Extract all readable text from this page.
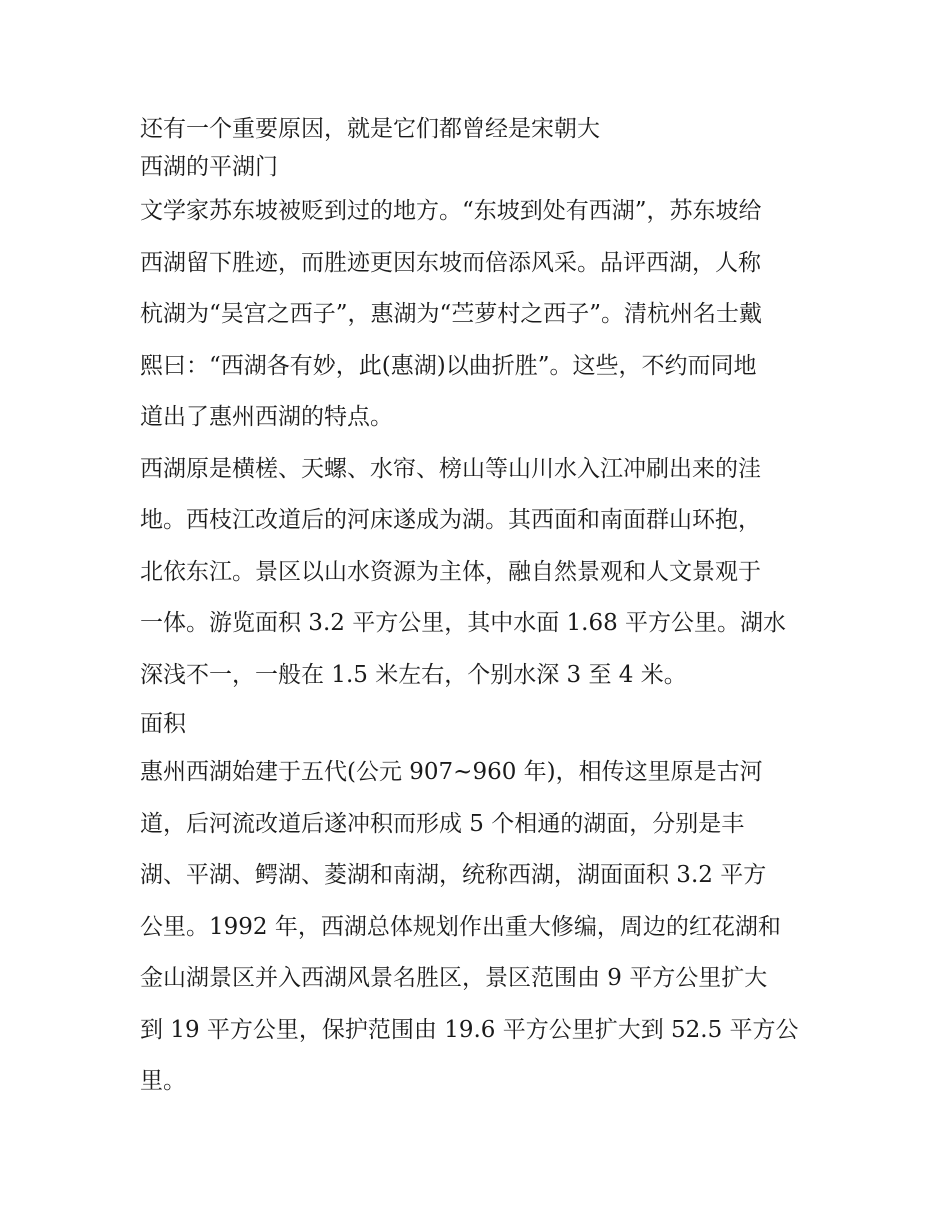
还有一个重要原因，就是它们都曾经是宋朝大
西湖的平湖门
文学家苏东坡被贬到过的地方。“东坡到处有西湖”，苏东坡给
西湖留下胜迹，而胜迹更因东坡而倍添风采。品评西湖，人称
杭湖为“吴宫之西子”，惠湖为“苎萝村之西子”。清杭州名士戴
熙曰：“西湖各有妙，此(惠湖)以曲折胜”。这些，不约而同地
道出了惠州西湖的特点。
西湖原是横槎、天螺、水帘、榜山等山川水入江冲刷出来的洼
地。西枝江改道后的河床遂成为湖。其西面和南面群山环抱，
北依东江。景区以山水资源为主体，融自然景观和人文景观于
一体。游览面积 3.2 平方公里，其中水面 1.68 平方公里。湖水
深浅不一，一般在 1.5 米左右，个别水深 3 至 4 米。
面积
惠州西湖始建于五代(公元 907~960 年)，相传这里原是古河
道，后河流改道后遂冲积而形成 5 个相通的湖面，分别是丰
湖、平湖、鳄湖、菱湖和南湖，统称西湖，湖面面积 3.2 平方
公里。1992 年，西湖总体规划作出重大修编，周边的红花湖和
金山湖景区并入西湖风景名胜区，景区范围由 9 平方公里扩大
到 19 平方公里，保护范围由 19.6 平方公里扩大到 52.5 平方公
里。
